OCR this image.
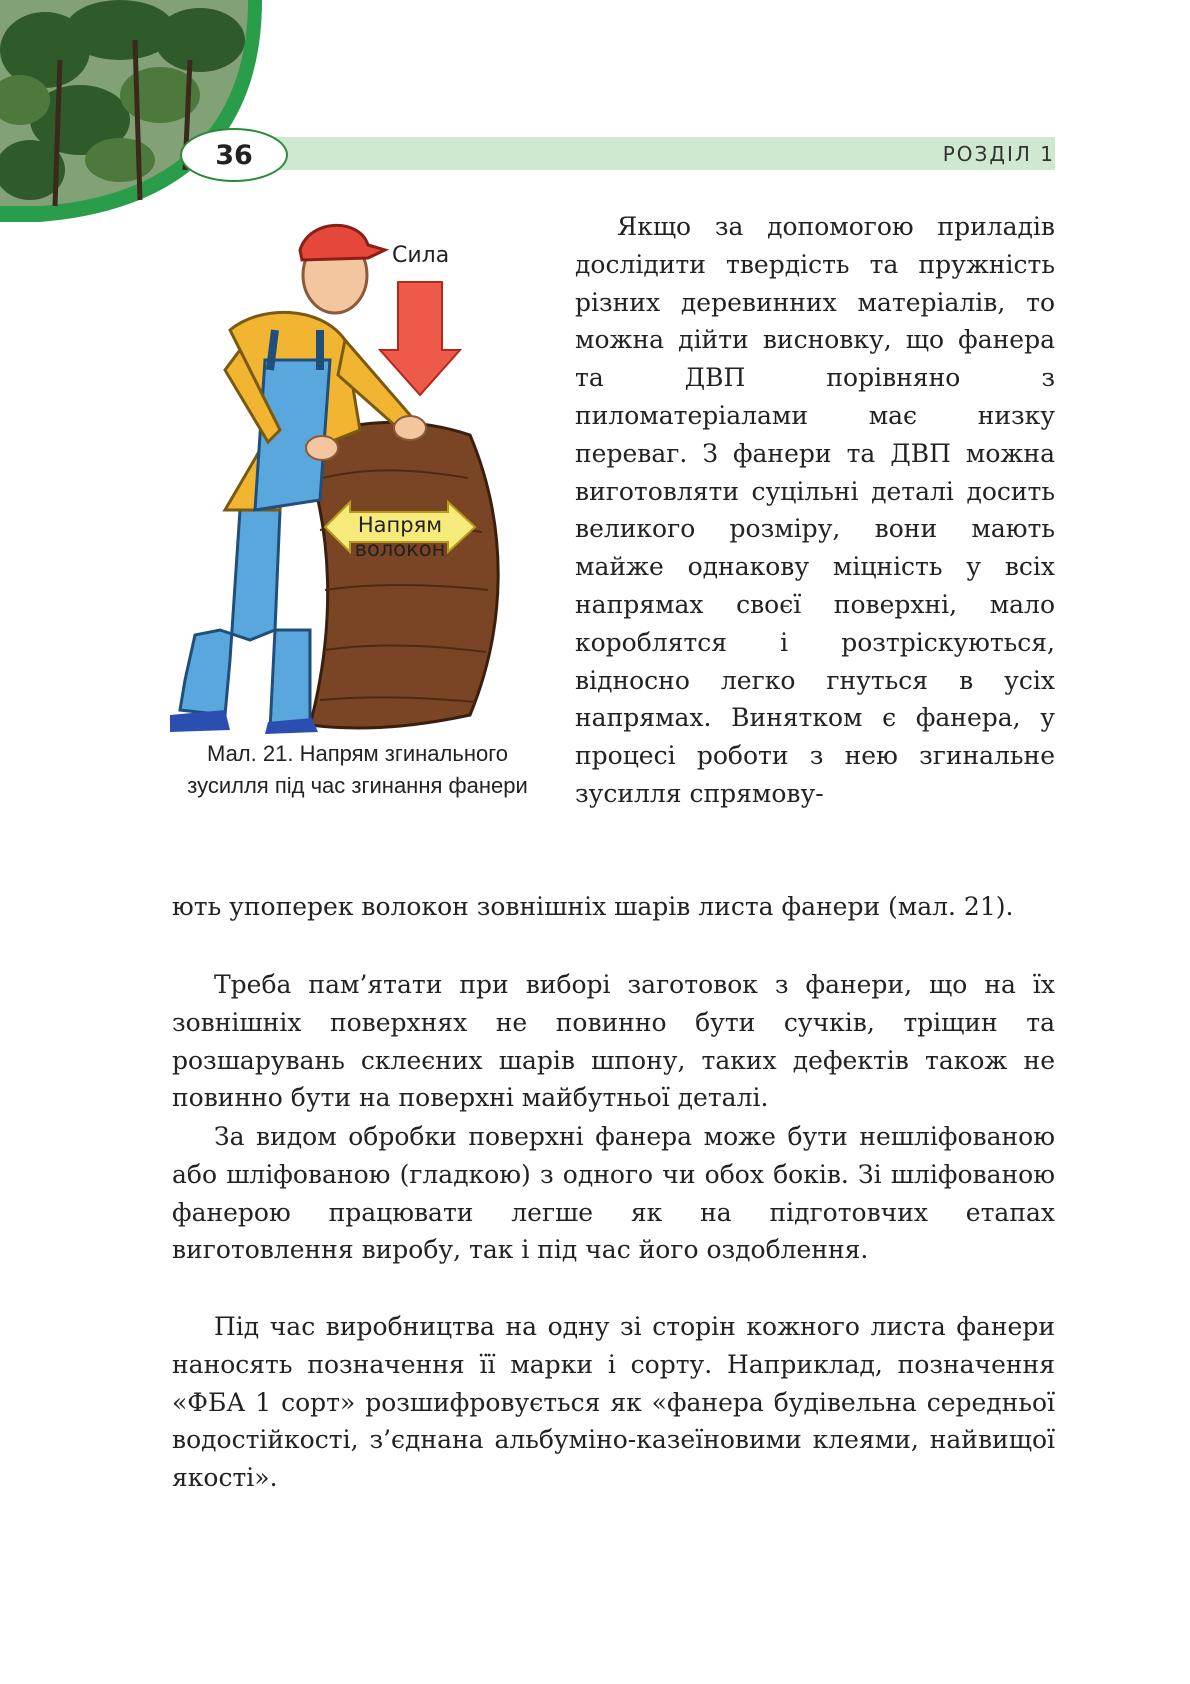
36	РОЗДІЛ 1
Сила
Напрям
волокон
Мал. 21. Напрям згинального зусилля під час згинання фанери

Якщо за допомогою приладів дослідити твердість та пружність різних деревинних матеріалів, то можна дійти висновку, що фанера та ДВП порівняно з пиломатеріалами має низку переваг. З фанери та ДВП можна виготовляти суцільні деталі досить великого розміру, вони мають майже однакову міцність у всіх напрямах своєї поверхні, мало короблятся і розтріскуються, відносно легко гнуться в усіх напрямах. Винятком є фанера, у процесі роботи з нею згинальне зусилля спрямову-

ють упоперек волокон зовнішніх шарів листа фанери (мал. 21).

Треба пам’ятати при виборі заготовок з фанери, що на їх зовнішніх поверхнях не повинно бути сучків, тріщин та розшарувань склеєних шарів шпону, таких дефектів також не повинно бути на поверхні майбутньої деталі.

За видом обробки поверхні фанера може бути нешліфованою або шліфованою (гладкою) з одного чи обох боків. Зі шліфованою фанерою працювати легше як на підготовчих етапах виготовлення виробу, так і під час його оздоблення.

Під час виробництва на одну зі сторін кожного листа фанери наносять позначення її марки і сорту. Наприклад, позначення «ФБА 1 сорт» розшифровується як «фанера будівельна середньої водостійкості, з’єднана альбуміно-казеїновими клеями, найвищої якості».
